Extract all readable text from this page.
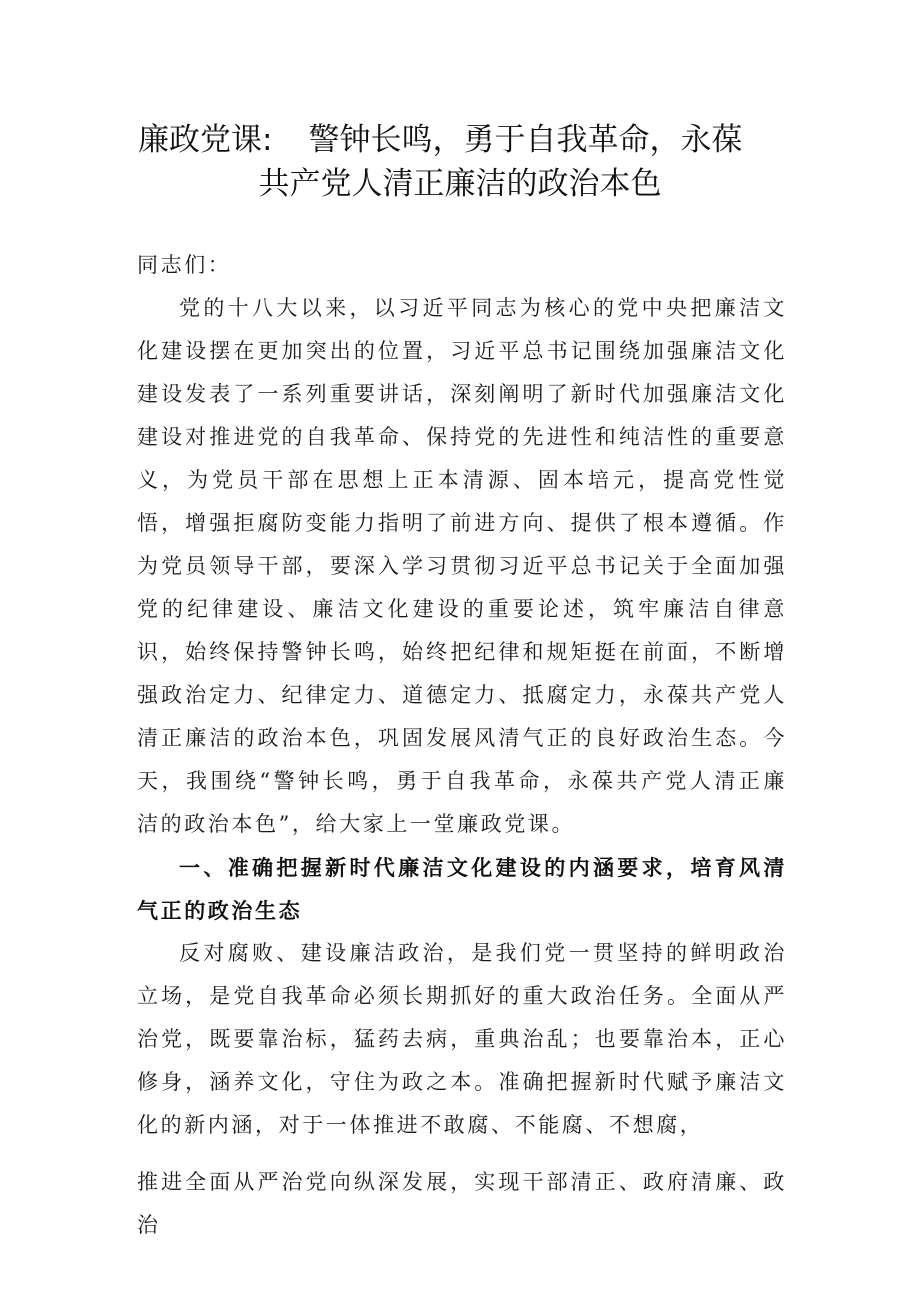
廉政党课: 警钟长鸣，勇于自我革命，永葆
共产党人清正廉洁的政治本色

同志们：

党的十八大以来，以习近平同志为核心的党中央把廉洁文化建设摆在更加突出的位置，习近平总书记围绕加强廉洁文化建设发表了一系列重要讲话，深刻阐明了新时代加强廉洁文化建设对推进党的自我革命、保持党的先进性和纯洁性的重要意义，为党员干部在思想上正本清源、固本培元，提高党性觉悟，增强拒腐防变能力指明了前进方向、提供了根本遵循。作为党员领导干部，要深入学习贯彻习近平总书记关于全面加强党的纪律建设、廉洁文化建设的重要论述，筑牢廉洁自律意识，始终保持警钟长鸣，始终把纪律和规矩挺在前面，不断增强政治定力、纪律定力、道德定力、抵腐定力，永葆共产党人清正廉洁的政治本色，巩固发展风清气正的良好政治生态。今天，我围绕“警钟长鸣，勇于自我革命，永葆共产党人清正廉洁的政治本色”，给大家上一堂廉政党课。

一、准确把握新时代廉洁文化建设的内涵要求，培育风清气正的政治生态

反对腐败、建设廉洁政治，是我们党一贯坚持的鲜明政治立场，是党自我革命必须长期抓好的重大政治任务。全面从严治党，既要靠治标，猛药去病，重典治乱；也要靠治本，正心修身，涵养文化，守住为政之本。准确把握新时代赋予廉洁文化的新内涵，对于一体推进不敢腐、不能腐、不想腐，

推进全面从严治党向纵深发展，实现干部清正、政府清廉、政治
